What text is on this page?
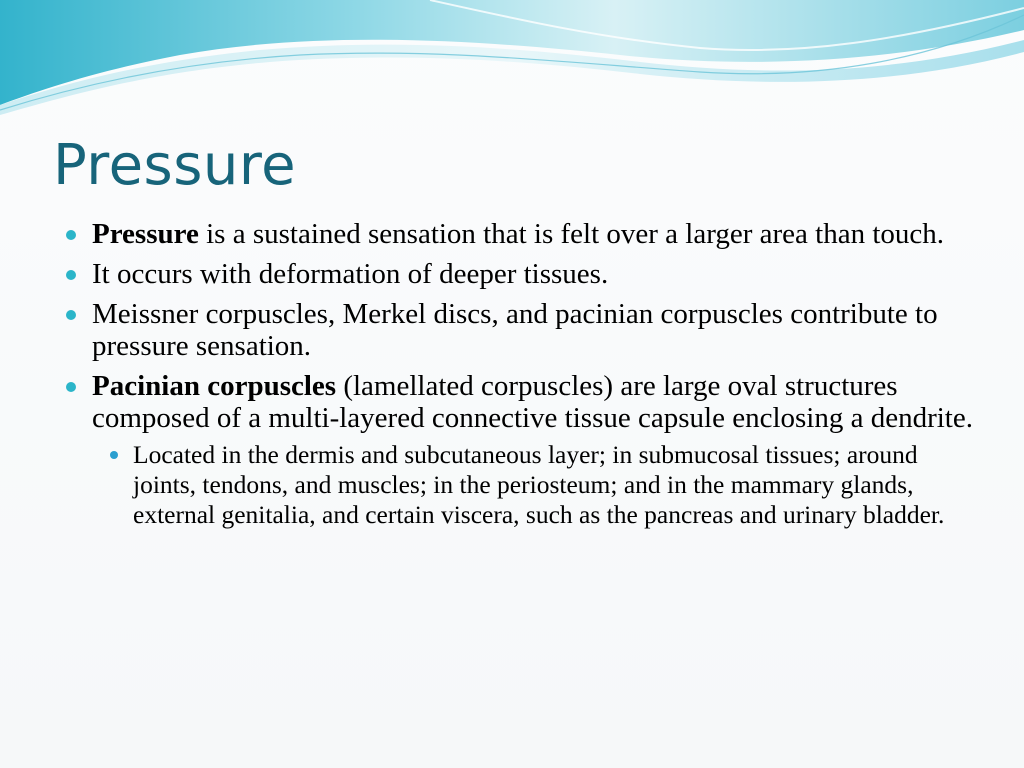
Pressure
Pressure is a sustained sensation that is felt over a larger area than touch.
It occurs with deformation of deeper tissues.
Meissner corpuscles, Merkel discs, and pacinian corpuscles contribute to pressure sensation.
Pacinian corpuscles (lamellated corpuscles) are large oval structures composed of a multi-layered connective tissue capsule enclosing a dendrite.
Located in the dermis and subcutaneous layer; in submucosal tissues; around joints, tendons, and muscles; in the periosteum; and in the mammary glands, external genitalia, and certain viscera, such as the pancreas and urinary bladder.
